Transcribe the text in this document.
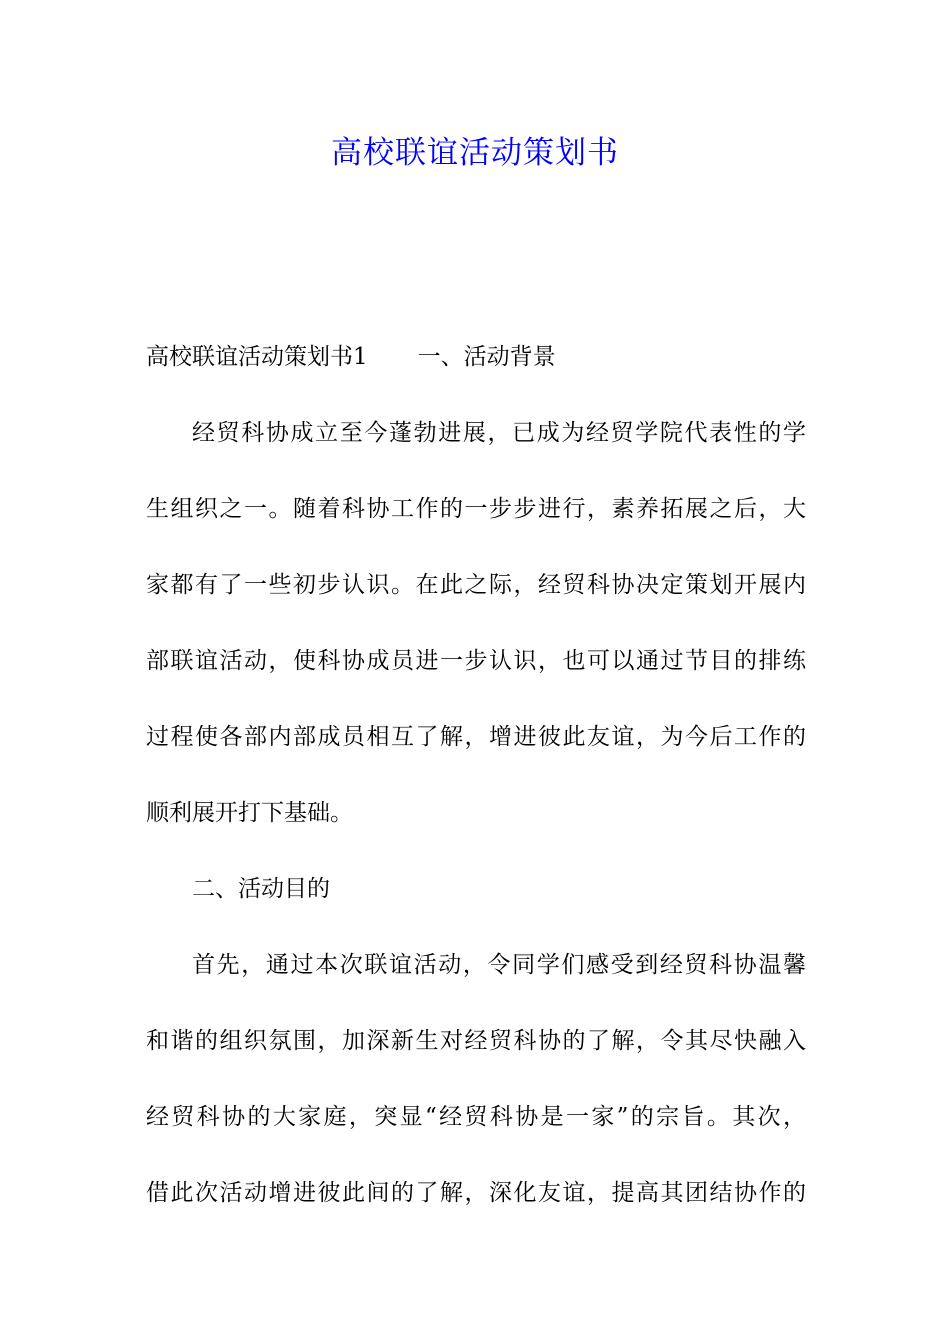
高校联谊活动策划书
高校联谊活动策划书1 一、活动背景
经贸科协成立至今蓬勃进展，已成为经贸学院代表性的学
生组织之一。随着科协工作的一步步进行，素养拓展之后，大
家都有了一些初步认识。在此之际，经贸科协决定策划开展内
部联谊活动，使科协成员进一步认识，也可以通过节目的排练
过程使各部内部成员相互了解，增进彼此友谊，为今后工作的
顺利展开打下基础。
二、活动目的
首先，通过本次联谊活动，令同学们感受到经贸科协温馨
和谐的组织氛围，加深新生对经贸科协的了解，令其尽快融入
经贸科协的大家庭，突显“经贸科协是一家”的宗旨。其次，
借此次活动增进彼此间的了解，深化友谊，提高其团结协作的
